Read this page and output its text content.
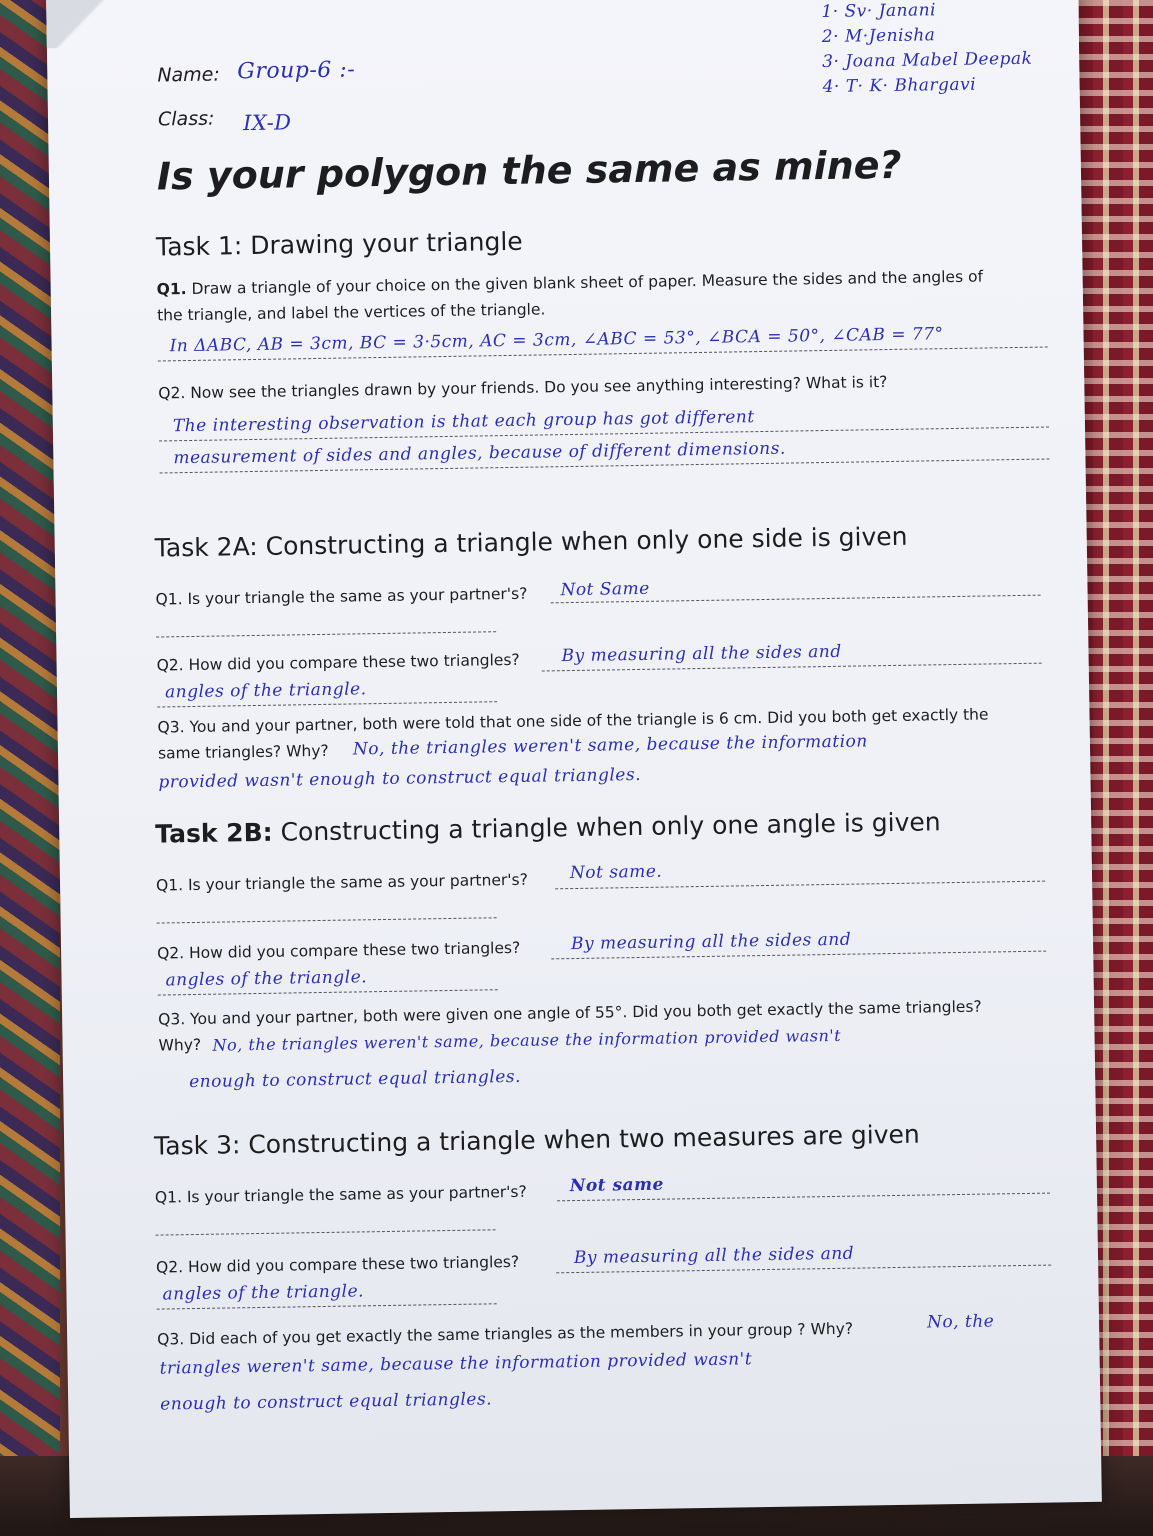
Name: Group-6 :-
Class: IX-D
1· Sv· Janani
2· M·Jenisha
3· Joana Mabel Deepak
4· T· K· Bhargavi
Is your polygon the same as mine?
Task 1: Drawing your triangle
Q1. Draw a triangle of your choice on the given blank sheet of paper. Measure the sides and the angles of
the triangle, and label the vertices of the triangle.
In ΔABC, AB = 3cm, BC = 3·5cm, AC = 3cm, ∠ABC = 53°, ∠BCA = 50°, ∠CAB = 77°
Q2. Now see the triangles drawn by your friends. Do you see anything interesting? What is it?
The interesting observation is that each group has got different
measurement of sides and angles, because of different dimensions.
Task 2A: Constructing a triangle when only one side is given
Q1. Is your triangle the same as your partner's? Not Same
Q2. How did you compare these two triangles? By measuring all the sides and
angles of the triangle.
Q3. You and your partner, both were told that one side of the triangle is 6 cm. Did you both get exactly the
same triangles? Why?	No, the triangles weren't same, because the information
provided wasn't enough to construct equal triangles.
Task 2B: Constructing a triangle when only one angle is given
Q1. Is your triangle the same as your partner's? Not same.
Q2. How did you compare these two triangles?	By measuring all the sides and
angles of the triangle.
Q3. You and your partner, both were given one angle of 55°. Did you both get exactly the same triangles?
Why? No, the triangles weren't same, because the information provided wasn't
enough to construct equal triangles.
Task 3: Constructing a triangle when two measures are given
Q1. Is your triangle the same as your partner's?	Not same
Q2. How did you compare these two triangles?	By measuring all the sides and
angles of the triangle.
Q3. Did each of you get exactly the same triangles as the members in your group ? Why?	No, the
triangles weren't same, because the information provided wasn't
enough to construct equal triangles.
